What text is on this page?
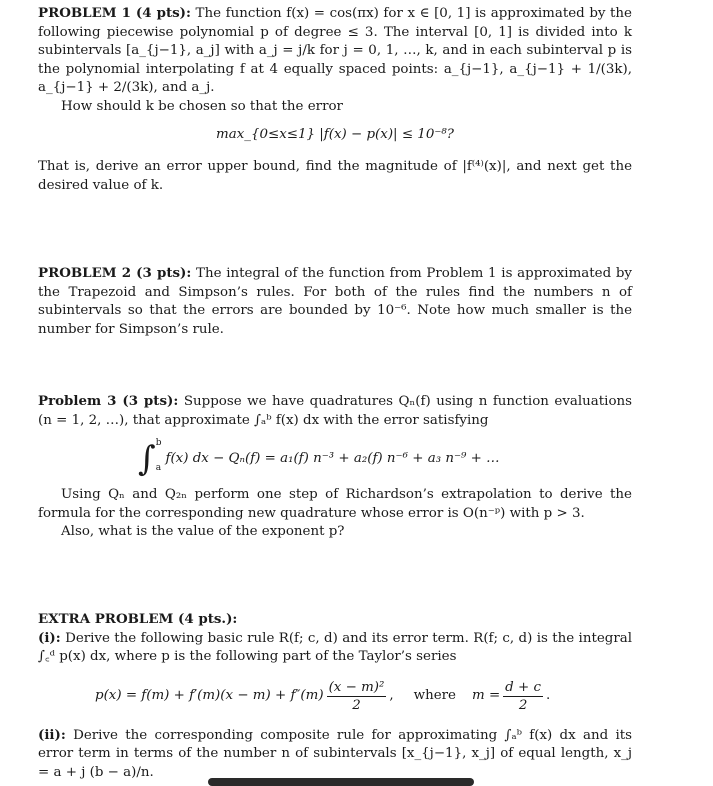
PROBLEM 1 (4 pts): The function f(x) = cos(πx) for x ∈ [0, 1] is approximated by the following piecewise polynomial p of degree ≤ 3. The interval [0, 1] is divided into k subintervals [a_{j−1}, a_j] with a_j = j/k for j = 0, 1, …, k, and in each subinterval p is the polynomial interpolating f at 4 equally spaced points: a_{j−1}, a_{j−1} + 1/(3k), a_{j−1} + 2/(3k), and a_j.

How should k be chosen so that the error

max_{0≤x≤1} |f(x) − p(x)| ≤ 10⁻⁸?

That is, derive an error upper bound, find the magnitude of |f⁽⁴⁾(x)|, and next get the desired value of k.

PROBLEM 2 (3 pts): The integral of the function from Problem 1 is approximated by the Trapezoid and Simpson’s rules. For both of the rules find the numbers n of subintervals so that the errors are bounded by 10⁻⁶. Note how much smaller is the number for Simpson’s rule.

Problem 3 (3 pts): Suppose we have quadratures Qₙ(f) using n function evaluations (n = 1, 2, …), that approximate ∫ₐᵇ f(x) dx with the error satisfying

∫ b
a
f(x) dx − Qₙ(f) = a₁(f) n⁻³ + a₂(f) n⁻⁶ + a₃ n⁻⁹ + …

Using Qₙ and Q₂ₙ perform one step of Richardson’s extrapolation to derive the formula for the corresponding new quadrature whose error is O(n⁻ᵖ) with p > 3.

Also, what is the value of the exponent p?

EXTRA PROBLEM (4 pts.):

(i): Derive the following basic rule R(f; c, d) and its error term. R(f; c, d) is the integral ∫꜀ᵈ p(x) dx, where p is the following part of the Taylor’s series

$p(x) = f(m) + f'(m)(x - m) + f''(m) \frac{\text{(x − m)²}}{2}$ , where $m = \frac{d + c}{2}$ .

(ii): Derive the corresponding composite rule for approximating ∫ₐᵇ f(x) dx and its error term in terms of the number n of subintervals [x_{j−1}, x_j] of equal length, x_j = a + j (b − a)/n.
